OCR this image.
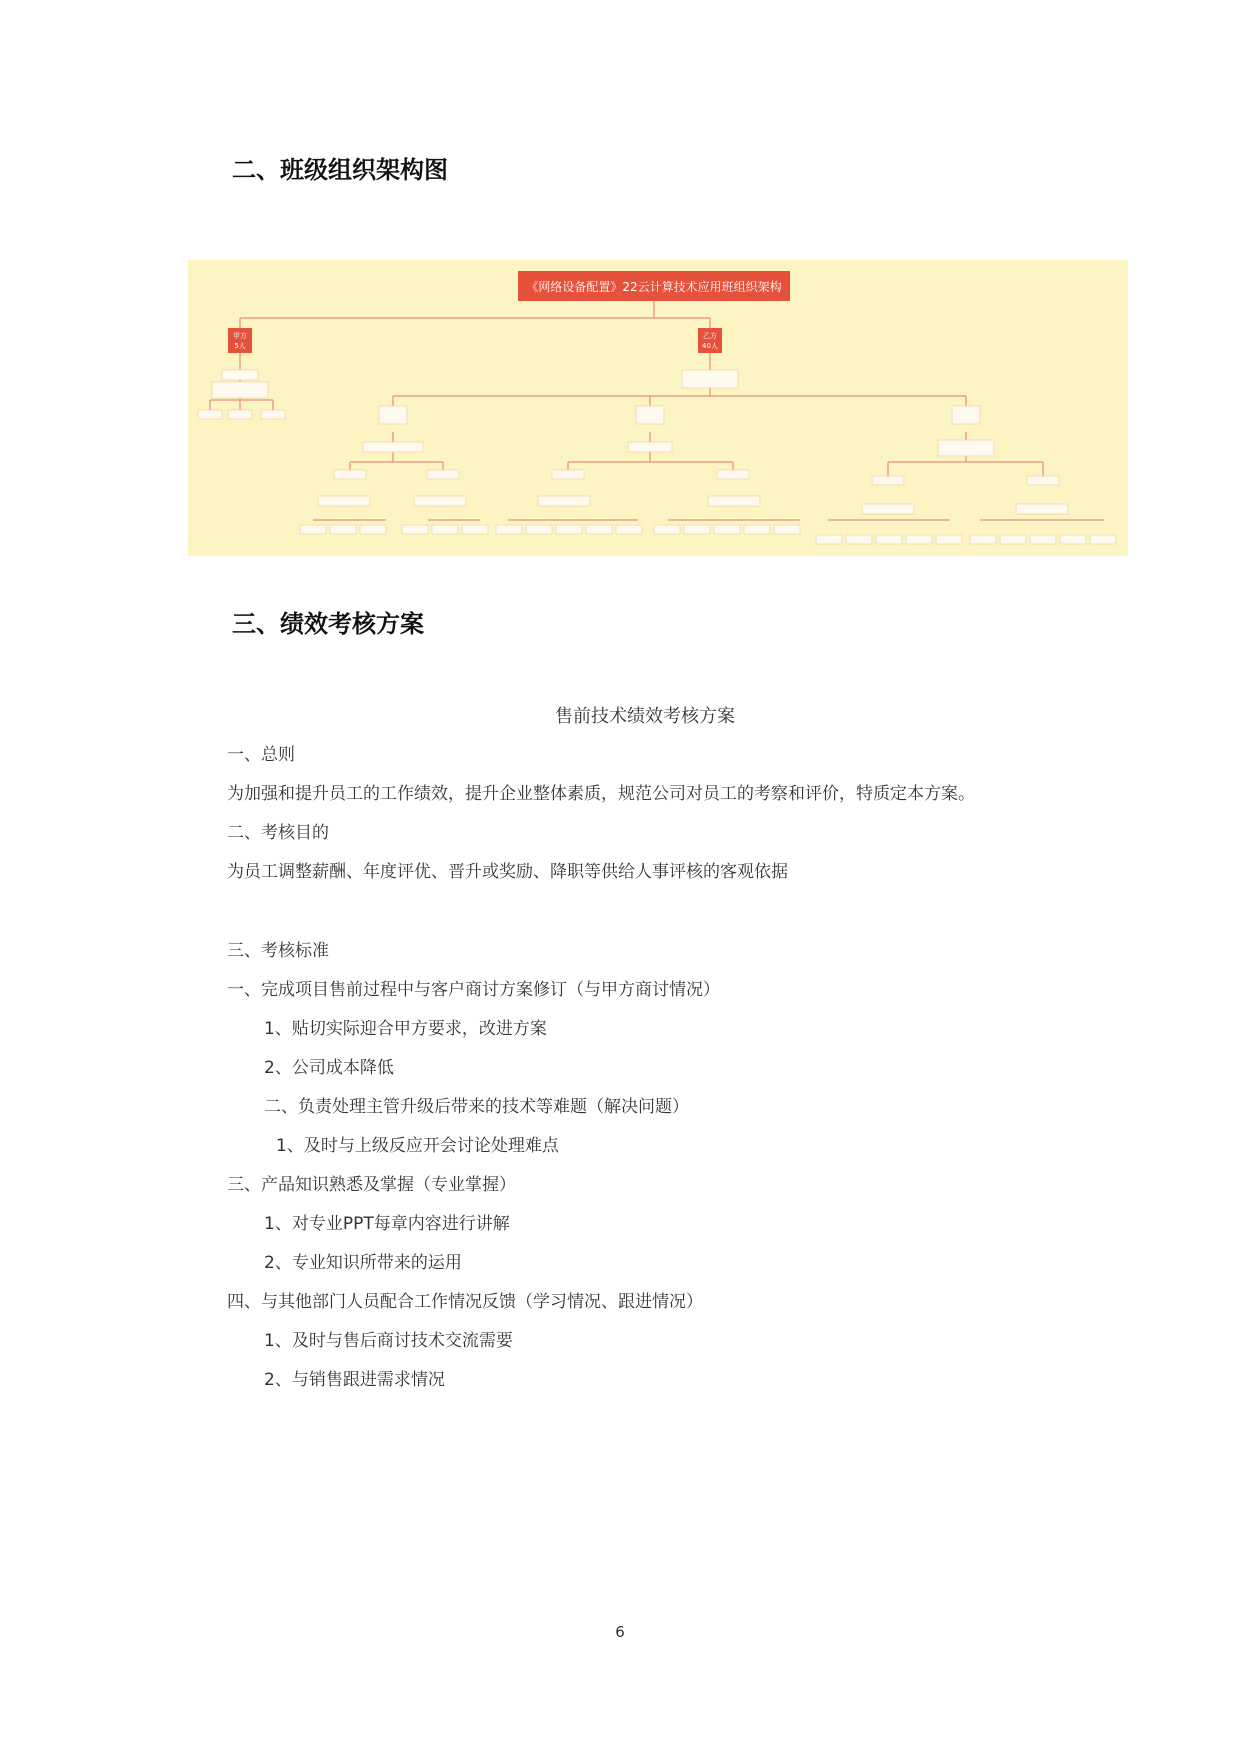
二、班级组织架构图
《网络设备配置》22云计算技术应用班组织架构
甲方
5人
乙方
40人
三、绩效考核方案
售前技术绩效考核方案
一、总则
为加强和提升员工的工作绩效，提升企业整体素质，规范公司对员工的考察和评价，特质定本方案。
二、考核目的
为员工调整薪酬、年度评优、晋升或奖励、降职等供给人事评核的客观依据
三、考核标准
一、完成项目售前过程中与客户商讨方案修订（与甲方商讨情况）
1、贴切实际迎合甲方要求，改进方案
2、公司成本降低
二、负责处理主管升级后带来的技术等难题（解决问题）
1、及时与上级反应开会讨论处理难点
三、产品知识熟悉及掌握（专业掌握）
1、对专业PPT每章内容进行讲解
2、专业知识所带来的运用
四、与其他部门人员配合工作情况反馈（学习情况、跟进情况）
1、及时与售后商讨技术交流需要
2、与销售跟进需求情况
6
